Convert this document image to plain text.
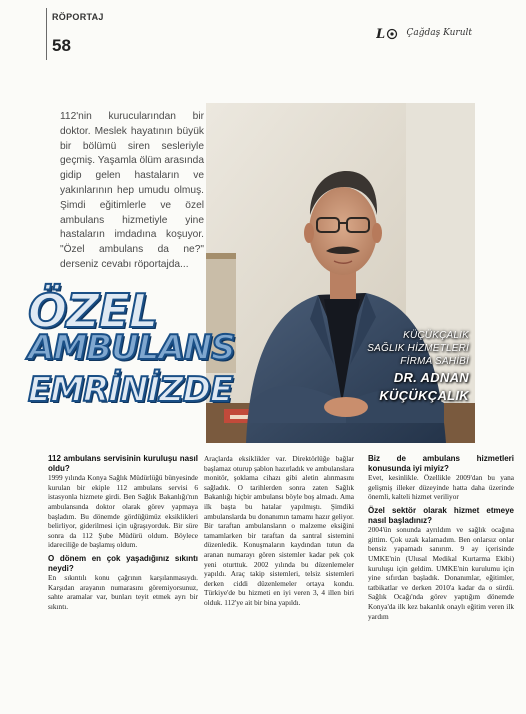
RÖPORTAJ
58
L Çağdaş Kurult
112'nin kurucularından bir doktor. Meslek hayatının büyük bir bölümü siren sesleriyle geçmiş. Yaşamla ölüm arasında gidip gelen hastaların ve yakınlarının hep umudu olmuş. Şimdi eğitimlerle ve özel ambulans hizmetiyle yine hastaların imdadına koşuyor. "Özel ambulans da ne?" derseniz cevabı röportajda...
KÜÇÜKÇALIK
SAĞLIK HİZMETLERİ
FİRMA SAHİBİ
DR. ADNAN
KÜÇÜKÇALIK
ÖZEL
AMBULANS
EMRİNİZDE

112 ambulans servisinin kuruluşu nasıl oldu?

1999 yılında Konya Sağlık Müdürlüğü bünyesinde kurulan bir ekiple 112 ambulans servisi 6 istasyonla hizmete girdi. Ben Sağlık Bakanlığı'nın ambulansında doktor olarak görev yapmaya başladım. Bu dönemde gördüğümüz eksiklikleri belirliyor, giderilmesi için uğraşıyorduk. Bir süre sonra da 112 Şube Müdürü oldum. Böylece idareciliğe de başlamış oldum.

O dönem en çok yaşadığınız sıkıntı neydi?

En sıkıntılı konu çağrının karşılanmasıydı. Karşıdan arayanın numarasını göremiyorsunuz, sahte aramalar var, bunları teyit etmek ayrı bir sıkıntı.

Araçlarda eksiklikler var. Direktörlüğe bağlar başlamaz oturup şablon hazırladık ve ambulanslara monitör, şoklama cihazı gibi aletin alınmasını sağladık. O tarihlerden sonra zaten Sağlık Bakanlığı hiçbir ambulansı böyle boş almadı. Ama ilk başta bu hatalar yapılmıştı. Şimdiki ambulanslarda bu donanımın tamamı hazır geliyor. Bir taraftan ambulansların o malzeme eksiğini tamamlarken bir taraftan da santral sistemini düzenledik. Konuşmaların kaydından tutun da aranan numarayı gören sistemler kadar pek çok yeni oturttuk. 2002 yılında bu düzenlemeler yapıldı. Araç takip sistemleri, telsiz sistemleri derken ciddi düzenlemeler ortaya kondu. Türkiye'de bu hizmeti en iyi veren 3, 4 illen biri olduk. 112'ye ait bir bina yapıldı.

Biz de ambulans hizmetleri konusunda iyi miyiz?

Evet, kesinlikle. Özellikle 2009'dan bu yana gelişmiş illeker düzeyinde hatta daha üzerinde önemli, kalteli hizmet veriliyor

Özel sektör olarak hizmet etmeye nasıl başladınız?

2004'ün sonunda ayrıldım ve sağlık ocağına gittim. Çok uzak kalamadım. Ben onlarsız onlar bensiz yapamadı sanırım. 9 ay içerisinde UMKE'nin (Ulusal Medikal Kurtarma Ekibi) kuruluşu için geldim. UMKE'nin kurulumu için yine sıfırdan başladık. Donanımlar, eğitimler, tatbikatlar ve derken 2010'a kadar da o sürdü. Sağlık Ocağı'nda görev yaptığım dönemde Konya'da ilk kez bakanlık onaylı eğitim veren ilk yardım
